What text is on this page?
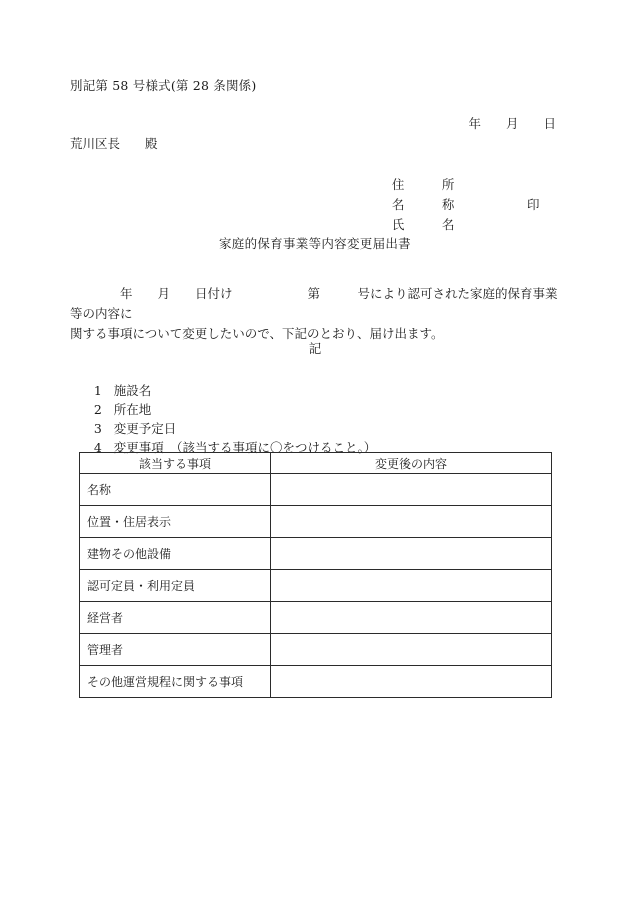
別記第 58 号様式(第 28 条関係)
年　　月　　日
荒川区長　　殿

住　　　所

名　　　称

氏　　　名

印

家庭的保育事業等内容変更届出書
　　　　年　　月　　日付け　　　　　　第　　　号により認可された家庭的保育事業等の内容に
関する事項について変更したいので、下記のとおり、届け出ます。
記

1 施設名

2 所在地

3 変更予定日

4 変更事項　（該当する事項に〇をつけること。）

該当する事項	変更後の内容
名称	
位置・住居表示	
建物その他設備	
認可定員・利用定員	
経営者	
管理者	
その他運営規程に関する事項	
